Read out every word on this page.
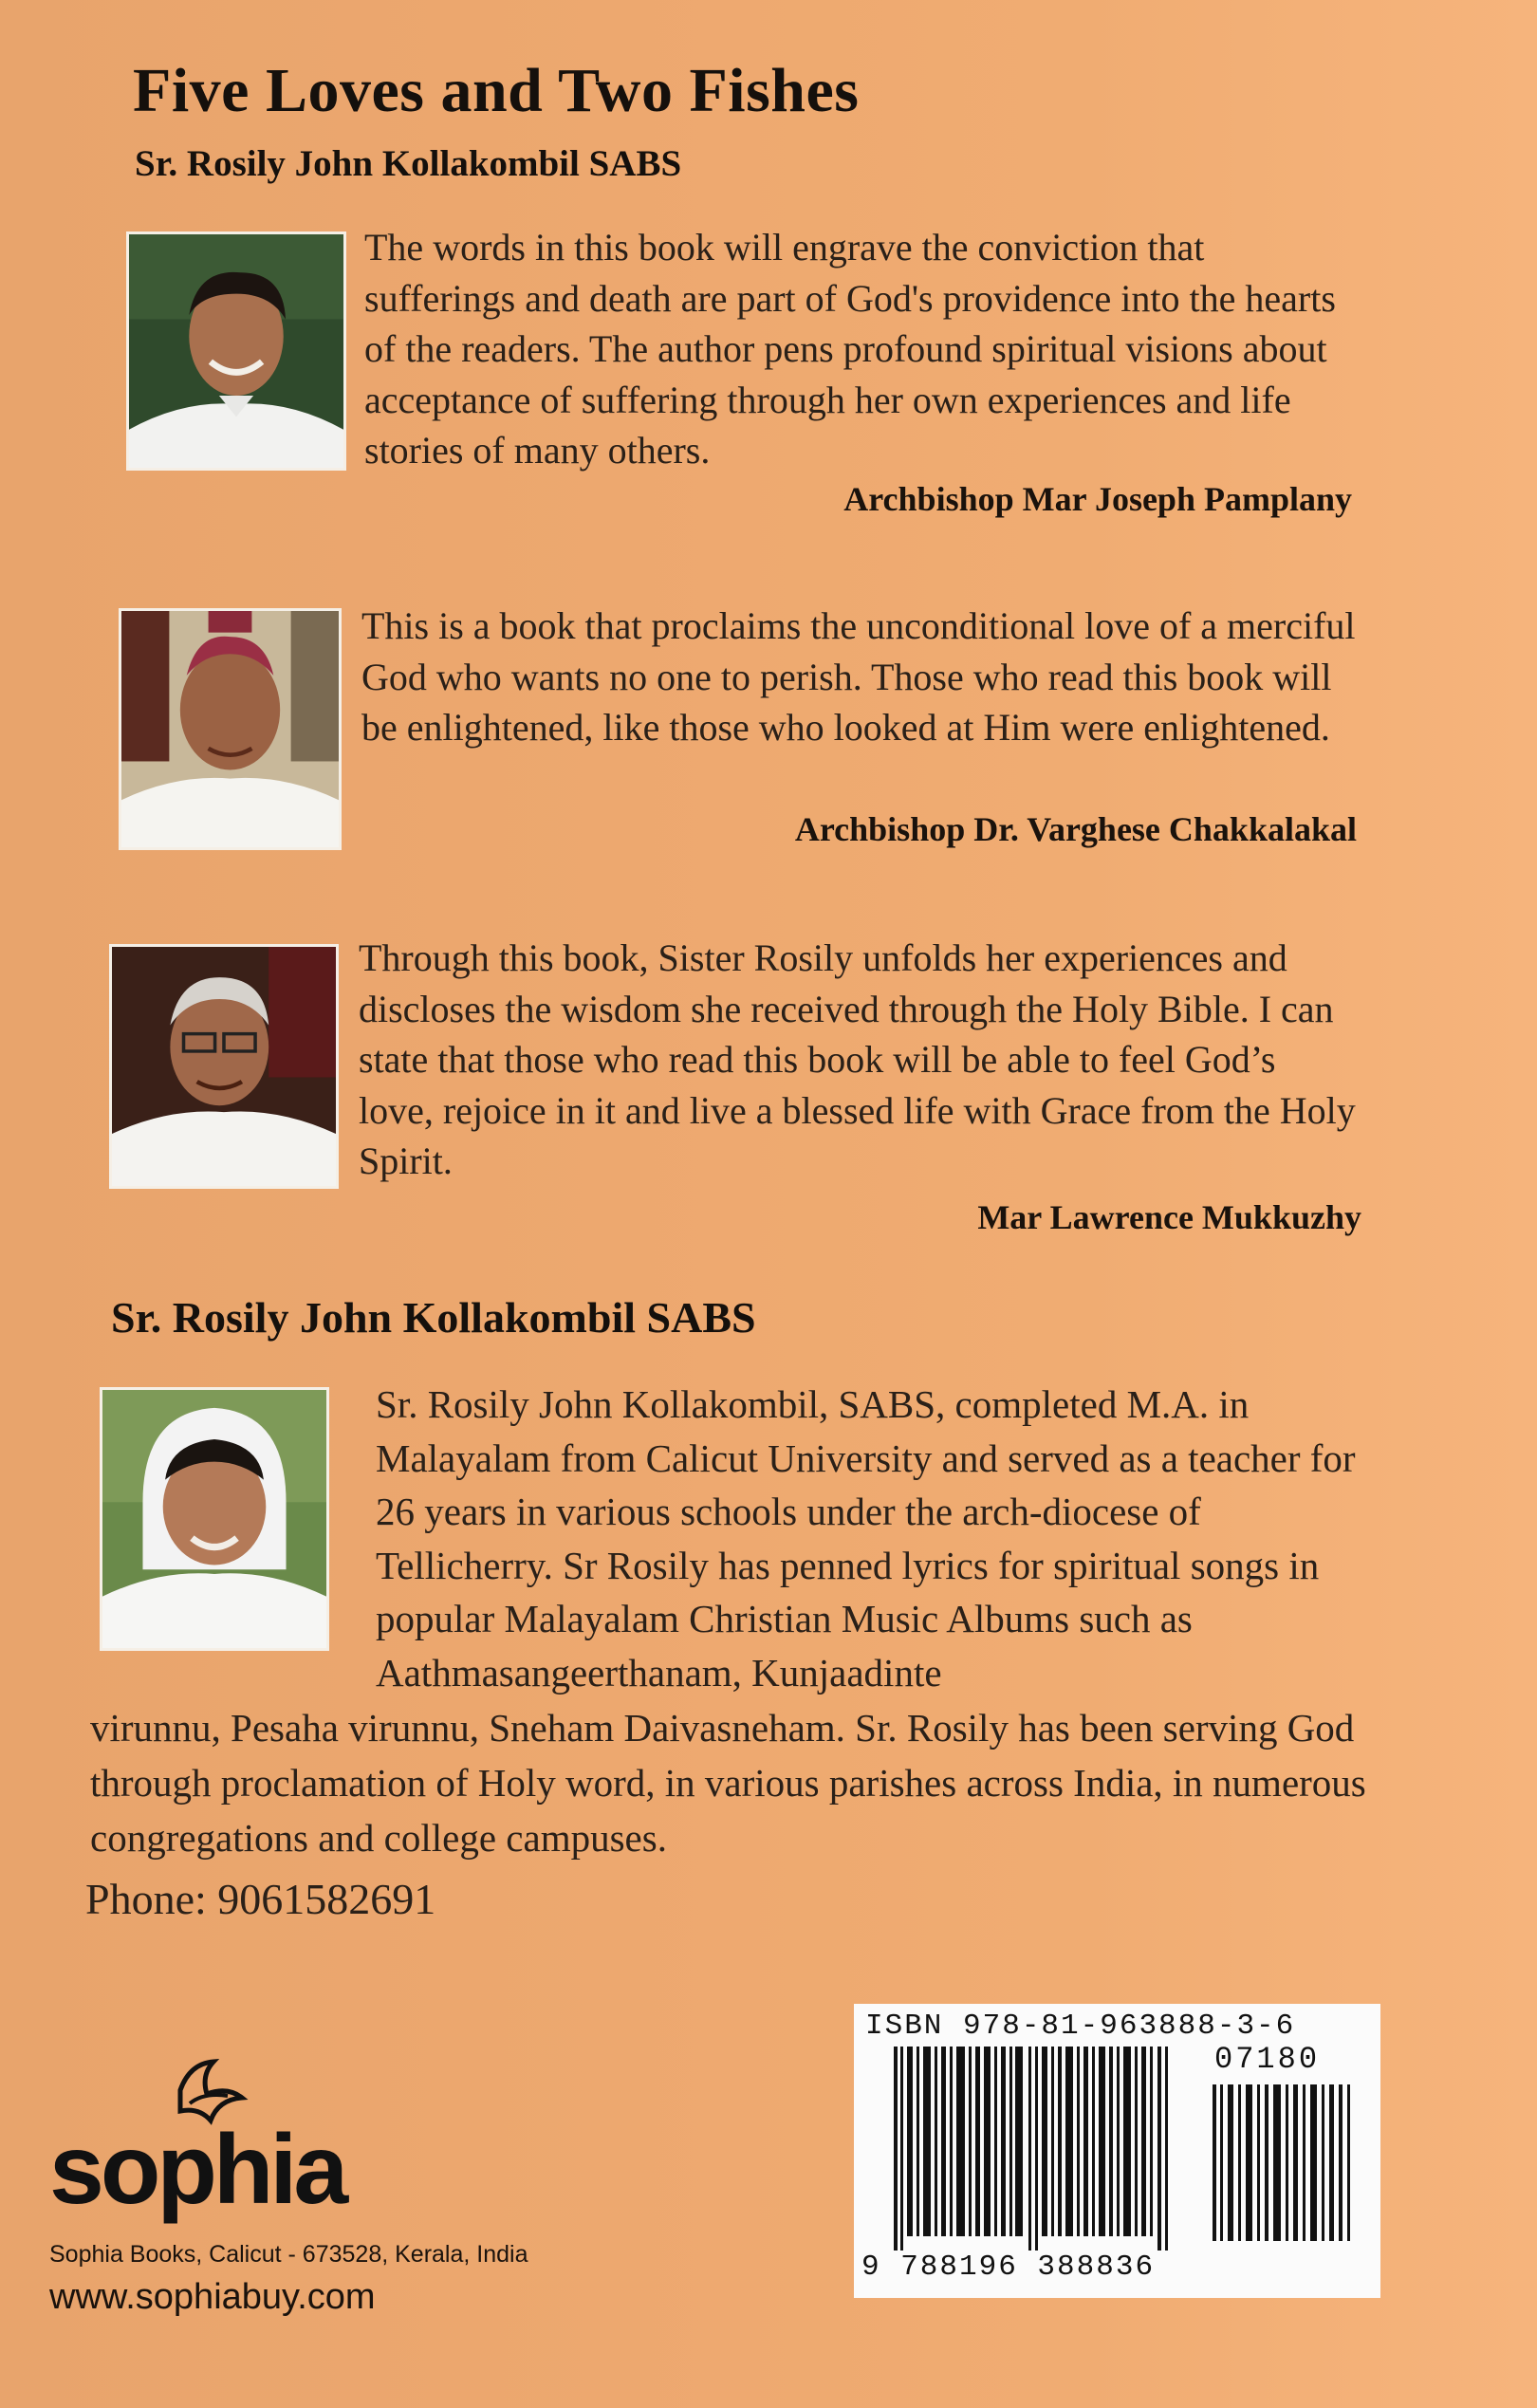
Five Loves and Two Fishes
Sr. Rosily John Kollakombil SABS
The words in this book will engrave the conviction that sufferings and death are part of God's providence into the hearts of the readers. The author pens profound spiritual visions about acceptance of suffering through her own experiences and life stories of many others.
Archbishop Mar Joseph Pamplany
This is a book that proclaims the unconditional love of a merciful God who wants no one to perish. Those who read this book will be enlightened, like those who looked at Him were enlightened.
Archbishop Dr. Varghese Chakkalakal
Through this book, Sister Rosily unfolds her experiences and discloses the wisdom she received through the Holy Bible. I can state that those who read this book will be able to feel God’s love, rejoice in it and live a blessed life with Grace from the Holy Spirit.
Mar Lawrence Mukkuzhy
Sr. Rosily John Kollakombil SABS
Sr. Rosily John Kollakombil, SABS, completed M.A. in Malayalam from Calicut University and served as a teacher for 26 years in various schools under the arch-diocese of Tellicherry. Sr Rosily has penned lyrics for spiritual songs in popular Malayalam Christian Music Albums such as Aathmasangeerthanam, Kunjaadinte
virunnu, Pesaha virunnu, Sneham Daivasneham. Sr. Rosily has been serving God through proclamation of Holy word, in various parishes across India, in numerous congregations and college campuses.
Phone: 9061582691
sophia
Sophia Books, Calicut - 673528, Kerala, India
www.sophiabuy.com
ISBN 978-81-963888-3-6
07180
9 788196 388836
